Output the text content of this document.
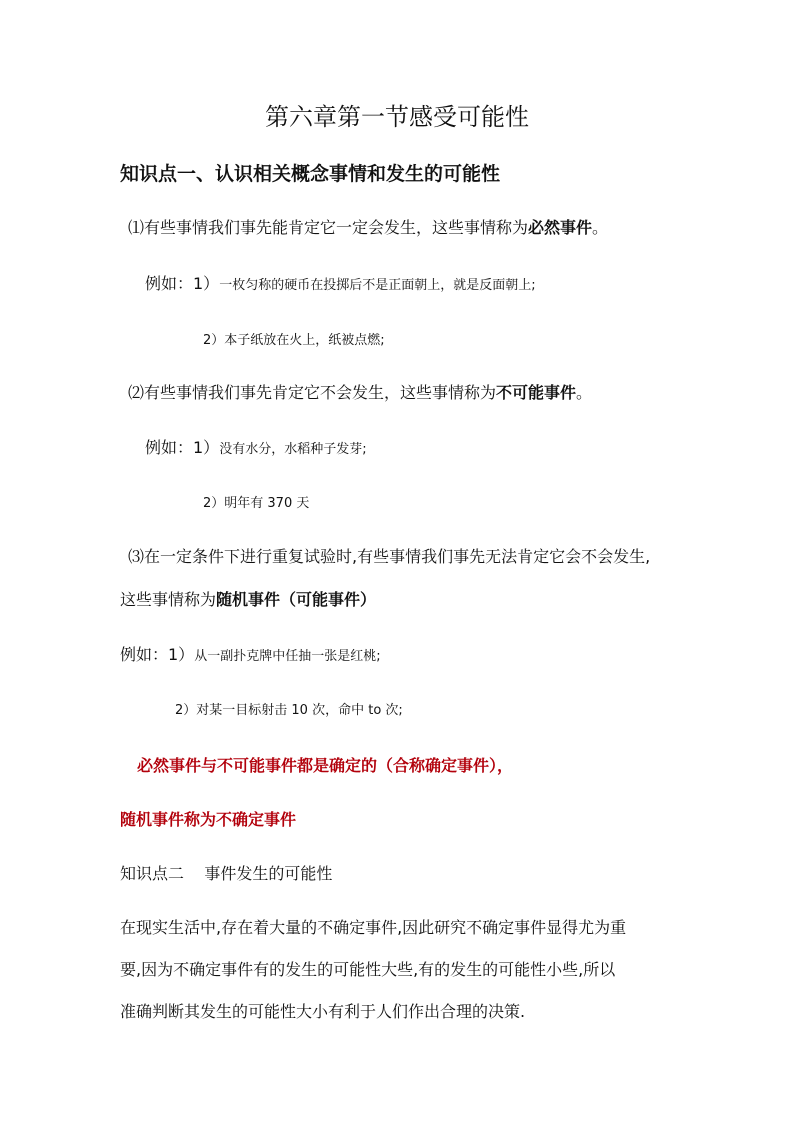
第六章第一节感受可能性
知识点一、认识相关概念事情和发生的可能性
⑴有些事情我们事先能肯定它一定会发生，这些事情称为必然事件。
例如：1）一枚匀称的硬币在投掷后不是正面朝上，就是反面朝上;
2）本子纸放在火上，纸被点燃;
⑵有些事情我们事先肯定它不会发生，这些事情称为不可能事件。
例如：1）没有水分，水稻种子发芽;
2）明年有 370 天
⑶在一定条件下进行重复试验时,有些事情我们事先无法肯定它会不会发生,
这些事情称为随机事件（可能事件）
例如：1）从一副扑克牌中任抽一张是红桃;
2）对某一目标射击 10 次，命中 to 次;
必然事件与不可能事件都是确定的（合称确定事件），
随机事件称为不确定事件
知识点二    事件发生的可能性
在现实生活中,存在着大量的不确定事件,因此研究不确定事件显得尤为重
要,因为不确定事件有的发生的可能性大些,有的发生的可能性小些,所以
准确判断其发生的可能性大小有利于人们作出合理的决策.
